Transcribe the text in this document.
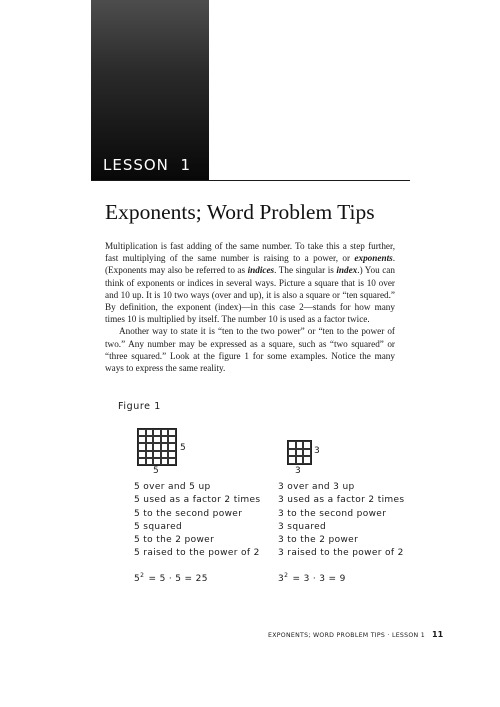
LESSON  1
Exponents; Word Problem Tips

Multiplication is fast adding of the same number. To take this a step further, fast multiplying of the same number is raising to a power, or exponents. (Exponents may also be referred to as indices. The singular is index.) You can think of exponents or indices in several ways. Picture a square that is 10 over and 10 up. It is 10 two ways (over and up), it is also a square or “ten squared.” By definition, the exponent (index)—in this case 2—stands for how many times 10 is multiplied by itself. The number 10 is used as a factor twice.

Another way to state it is “ten to the two power” or “ten to the power of two.” Any number may be expressed as a square, such as “two squared” or “three squared.” Look at the figure 1 for some examples. Notice the many ways to express the same reality.

Figure 1
5
5
3
3
5 over and 5 up
5 used as a factor 2 times
5 to the second power
5 squared
5 to the 2 power
5 raised to the power of 2
3 over and 3 up
3 used as a factor 2 times
3 to the second power
3 squared
3 to the 2 power
3 raised to the power of 2
$5^2 = 5 \cdot 5 = 25$	$3^2 = 3 \cdot 3 = 9$
EXPONENTS; WORD PROBLEM TIPS · LESSON 1 11
